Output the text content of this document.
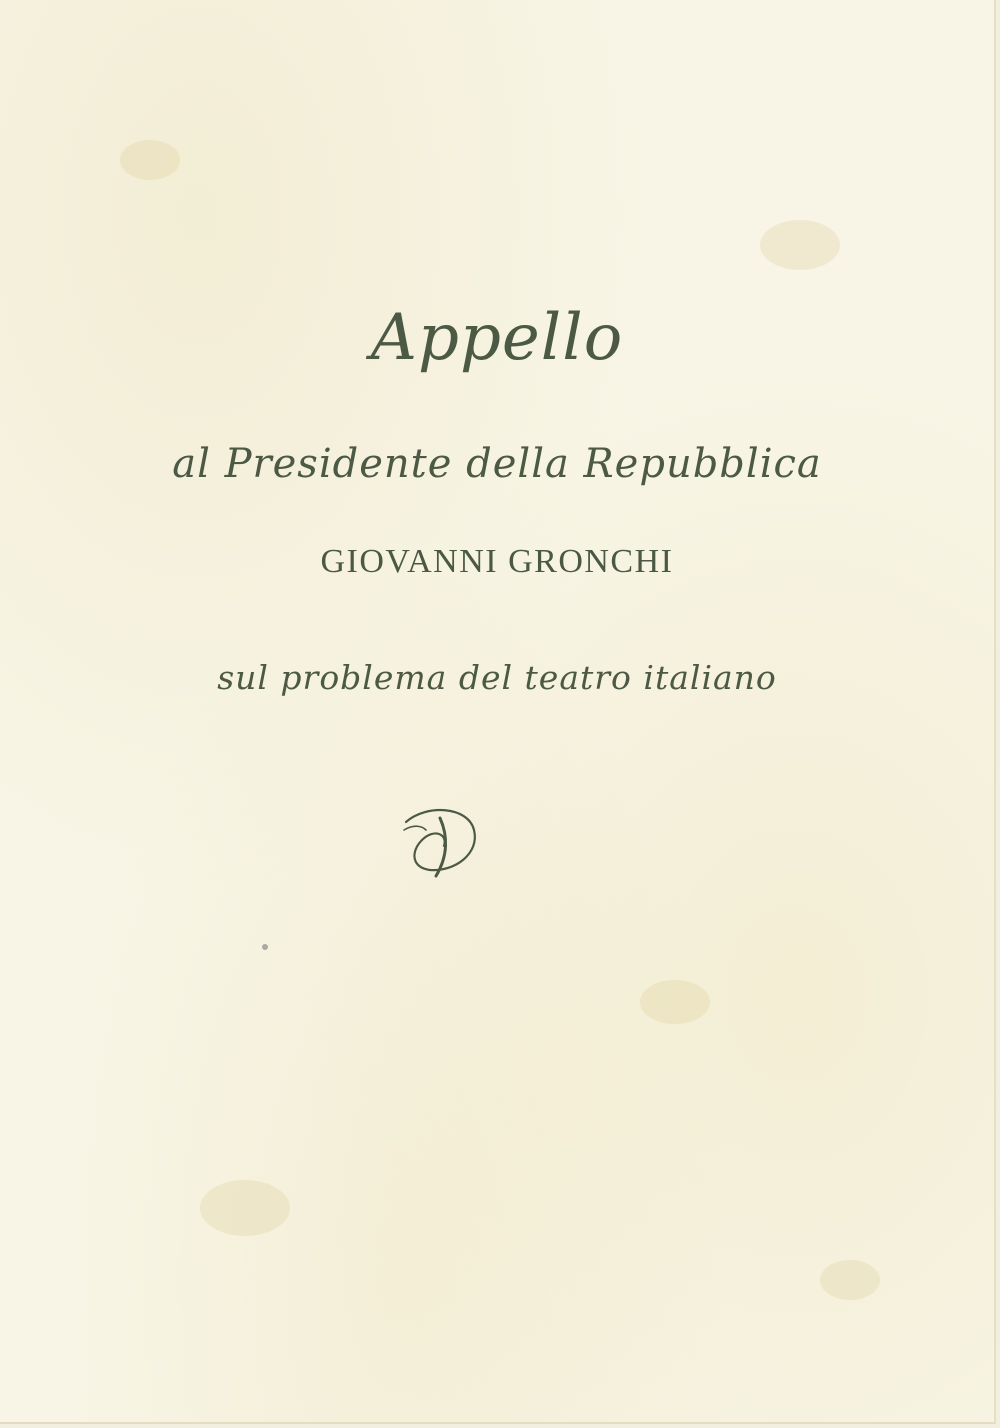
Appello

al Presidente della Repubblica

GIOVANNI GRONCHI

sul problema del teatro italiano
